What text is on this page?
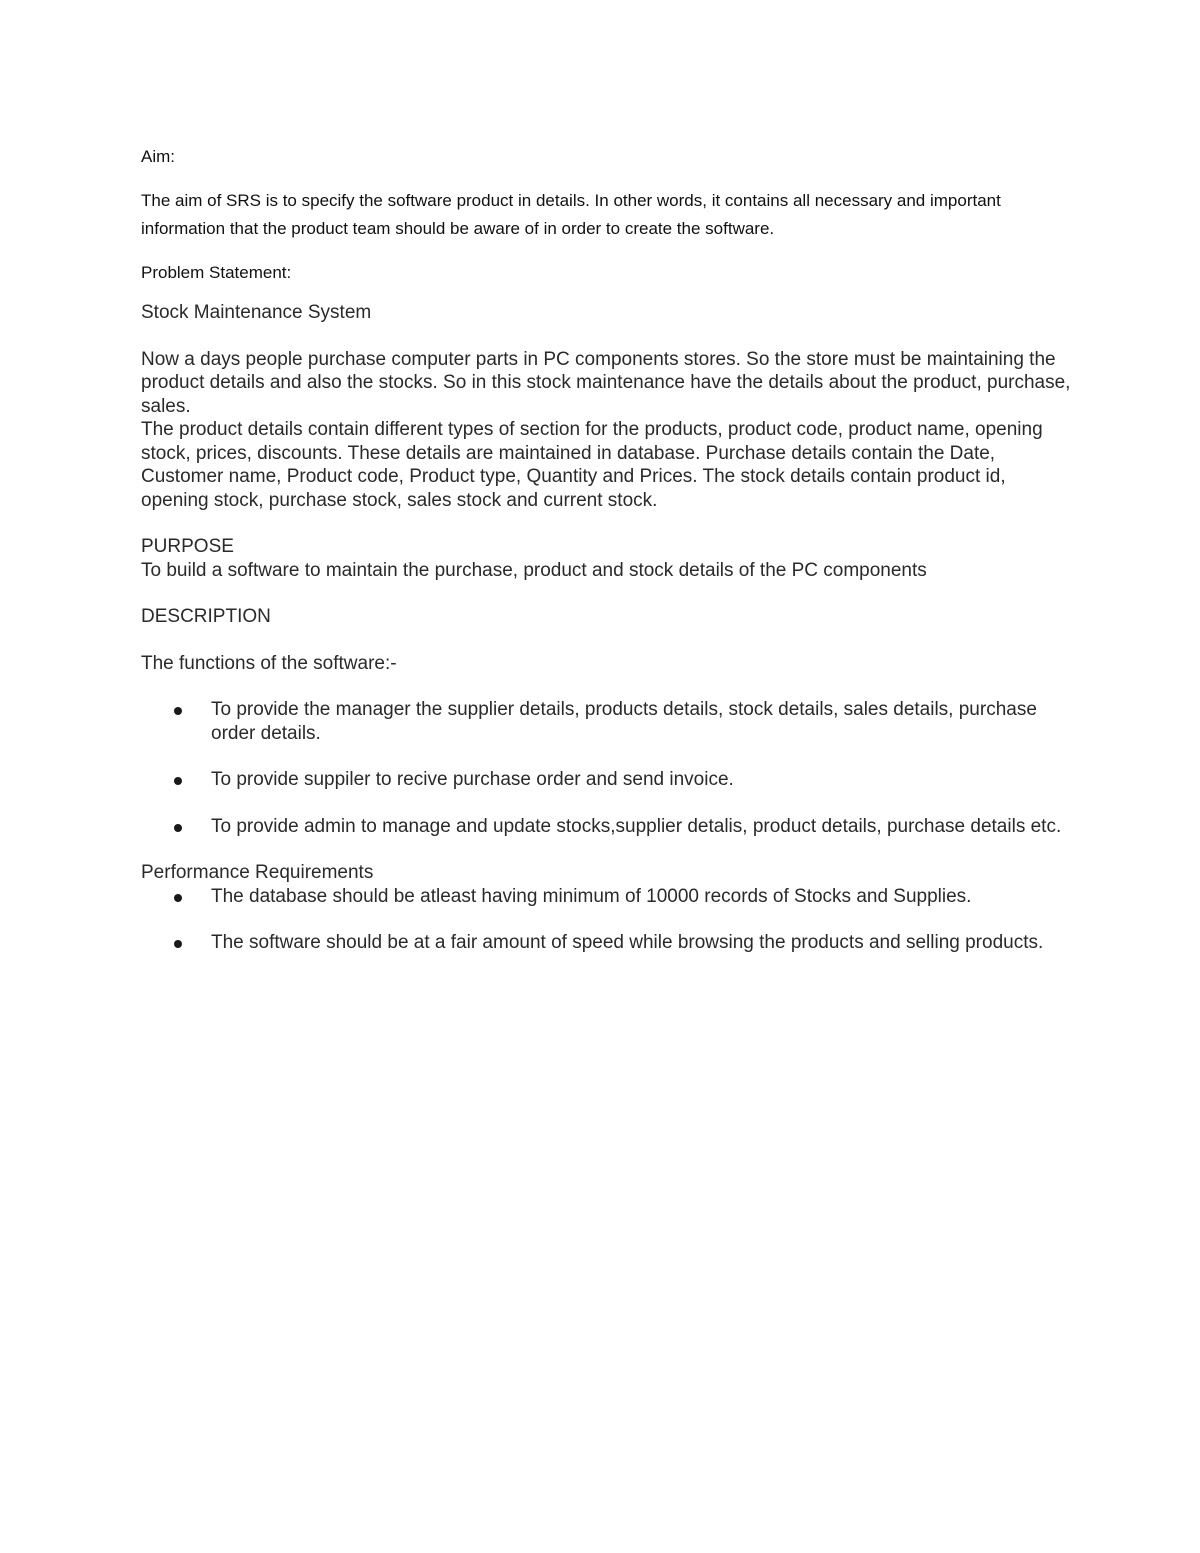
Aim:

The aim of SRS is to specify the software product in details. In other words, it contains all necessary and important information that the product team should be aware of in order to create the software.

Problem Statement:

Stock Maintenance System

Now a days people purchase computer parts in PC components stores. So the store must be maintaining the product details and also the stocks. So in this stock maintenance have the details about the product, purchase, sales.

The product details contain different types of section for the products, product code, product name, opening stock, prices, discounts. These details are maintained in database. Purchase details contain the Date, Customer name, Product code, Product type, Quantity and Prices. The stock details contain product id, opening stock, purchase stock, sales stock and current stock.

PURPOSE

To build a software to maintain the purchase, product and stock details of the PC components

DESCRIPTION

The functions of the software:-

To provide the manager the supplier details, products details, stock details, sales details, purchase order details.
To provide suppiler to recive purchase order and send invoice.
To provide admin to manage and update stocks,supplier detalis, product details, purchase details etc.

Performance Requirements

The database should be atleast having minimum of 10000 records of Stocks and Supplies.
The software should be at a fair amount of speed while browsing the products and selling products.
